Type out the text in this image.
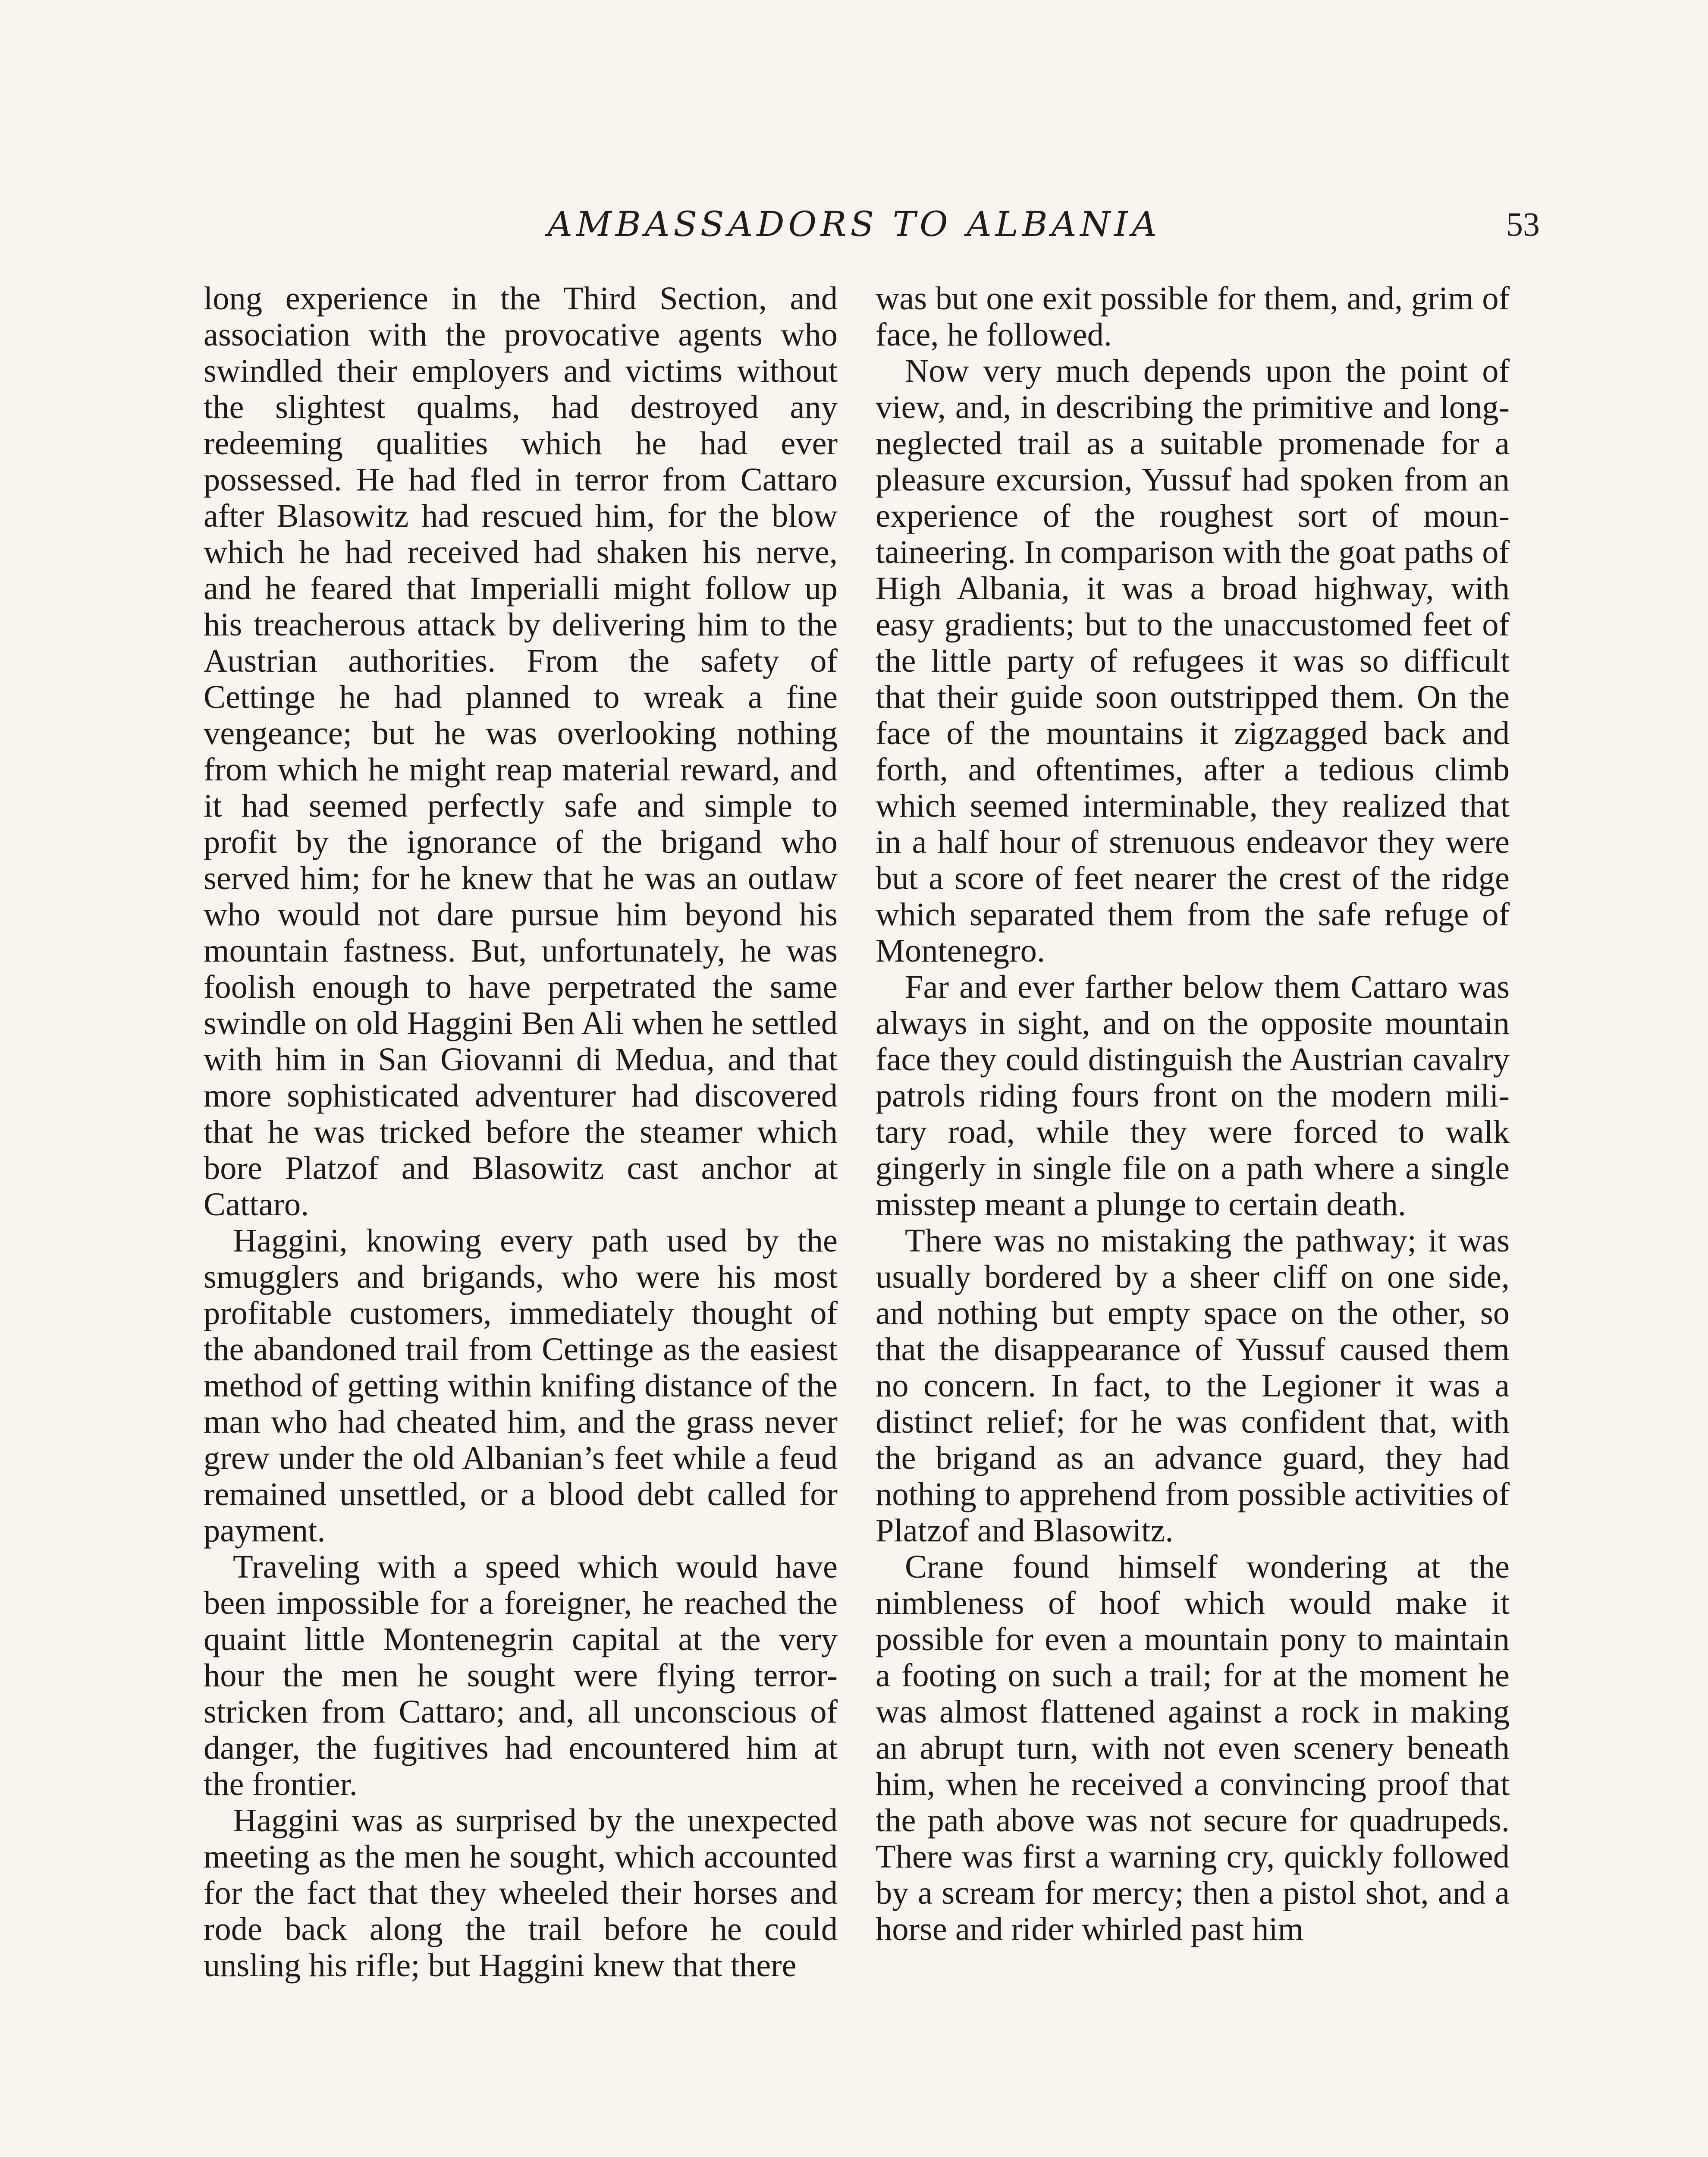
AMBASSADORS TO ALBANIA	53

long experience in the Third Section, and association with the provocative agents who swindled their employers and victims without the slightest qualms, had destroyed any redeeming qualities which he had ever possessed. He had fled in terror from Cattaro after Blasowitz had rescued him, for the blow which he had received had shaken his nerve, and he feared that Imperialli might follow up his treacherous attack by delivering him to the Austrian authorities. From the safety of Cettinge he had planned to wreak a fine vengeance; but he was overlooking nothing from which he might reap material reward, and it had seemed perfectly safe and simple to profit by the ignorance of the brigand who served him; for he knew that he was an outlaw who would not dare pursue him beyond his mountain fastness. But, unfortunately, he was foolish enough to have perpetrated the same swindle on old Haggini Ben Ali when he settled with him in San Giovanni di Medua, and that more sophisticated adventurer had discovered that he was tricked before the steamer which bore Platzof and Blasowitz cast anchor at Cattaro.

Haggini, knowing every path used by the smugglers and brigands, who were his most profitable customers, immediately thought of the abandoned trail from Cettinge as the easiest method of getting within knifing distance of the man who had cheated him, and the grass never grew under the old Albanian’s feet while a feud remained unsettled, or a blood debt called for payment.

Traveling with a speed which would have been impossible for a foreigner, he reached the quaint little Montenegrin capital at the very hour the men he sought were flying terror-stricken from Cattaro; and, all unconscious of danger, the fugitives had encountered him at the frontier.

Haggini was as surprised by the unexpected meeting as the men he sought, which accounted for the fact that they wheeled their horses and rode back along the trail before he could unsling his rifle; but Haggini knew that there

was but one exit possible for them, and, grim of face, he followed.

Now very much depends upon the point of view, and, in describing the primitive and long-neglected trail as a suitable promenade for a pleasure excursion, Yussuf had spoken from an experience of the roughest sort of mountaineering. In comparison with the goat paths of High Albania, it was a broad highway, with easy gradients; but to the unaccustomed feet of the little party of refugees it was so difficult that their guide soon outstripped them. On the face of the mountains it zigzagged back and forth, and oftentimes, after a tedious climb which seemed interminable, they realized that in a half hour of strenuous endeavor they were but a score of feet nearer the crest of the ridge which separated them from the safe refuge of Montenegro.

Far and ever farther below them Cattaro was always in sight, and on the opposite mountain face they could distinguish the Austrian cavalry patrols riding fours front on the modern military road, while they were forced to walk gingerly in single file on a path where a single misstep meant a plunge to certain death.

There was no mistaking the pathway; it was usually bordered by a sheer cliff on one side, and nothing but empty space on the other, so that the disappearance of Yussuf caused them no concern. In fact, to the Legioner it was a distinct relief; for he was confident that, with the brigand as an advance guard, they had nothing to apprehend from possible activities of Platzof and Blasowitz.

Crane found himself wondering at the nimbleness of hoof which would make it possible for even a mountain pony to maintain a footing on such a trail; for at the moment he was almost flattened against a rock in making an abrupt turn, with not even scenery beneath him, when he received a convincing proof that the path above was not secure for quadrupeds. There was first a warning cry, quickly followed by a scream for mercy; then a pistol shot, and a horse and rider whirled past him
